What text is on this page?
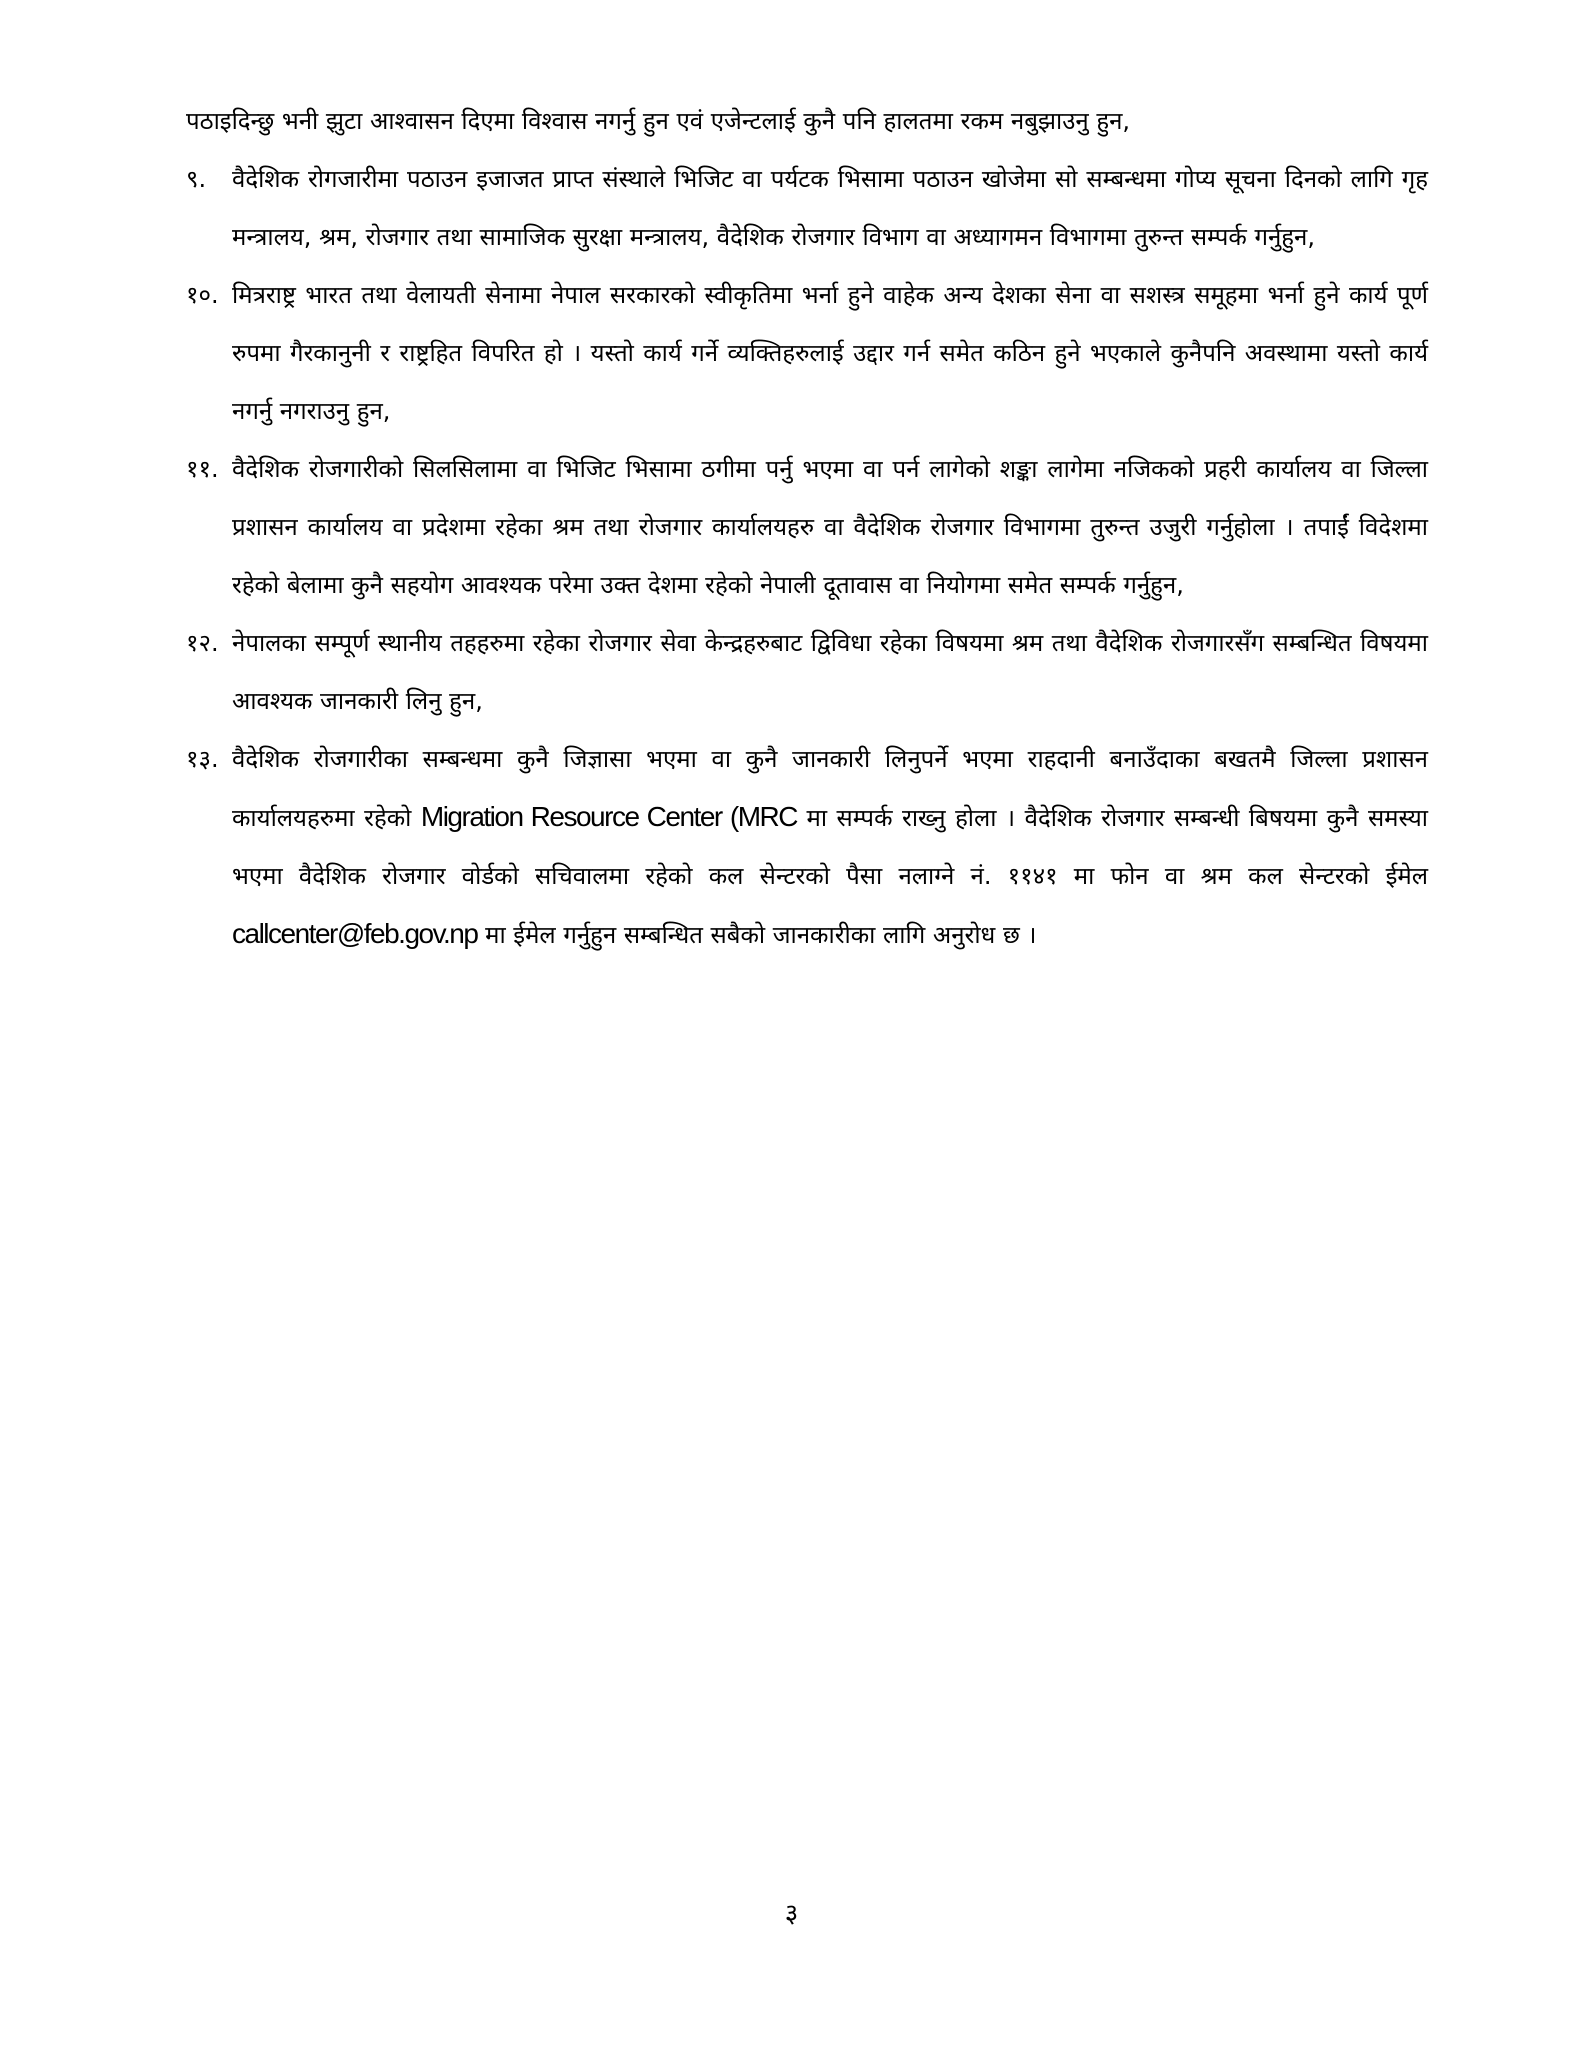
पठाइदिन्छु भनी झुटा आश्वासन दिएमा विश्वास नगर्नु हुन एवं एजेन्टलाई कुनै पनि हालतमा रकम नबुझाउनु हुन,

९. वैदेशिक रोगजारीमा पठाउन इजाजत प्राप्त संस्थाले भिजिट वा पर्यटक भिसामा पठाउन खोजेमा सो सम्बन्धमा गोप्य सूचना दिनको लागि गृह मन्त्रालय, श्रम, रोजगार तथा सामाजिक सुरक्षा मन्त्रालय, वैदेशिक रोजगार विभाग वा अध्यागमन विभागमा तुरुन्त सम्पर्क गर्नुहुन,

१०. मित्रराष्ट्र भारत तथा वेलायती सेनामा नेपाल सरकारको स्वीकृतिमा भर्ना हुने वाहेक अन्य देशका सेना वा सशस्त्र समूहमा भर्ना हुने कार्य पूर्ण रुपमा गैरकानुनी र राष्ट्रहित विपरित हो । यस्तो कार्य गर्ने व्यक्तिहरुलाई उद्दार गर्न समेत कठिन हुने भएकाले कुनैपनि अवस्थामा यस्तो कार्य नगर्नु नगराउनु हुन,

११. वैदेशिक रोजगारीको सिलसिलामा वा भिजिट भिसामा ठगीमा पर्नु भएमा वा पर्न लागेको शङ्का लागेमा नजिकको प्रहरी कार्यालय वा जिल्ला प्रशासन कार्यालय वा प्रदेशमा रहेका श्रम तथा रोजगार कार्यालयहरु वा वैदेशिक रोजगार विभागमा तुरुन्त उजुरी गर्नुहोला । तपाईं विदेशमा रहेको बेलामा कुनै सहयोग आवश्यक परेमा उक्त देशमा रहेको नेपाली दूतावास वा नियोगमा समेत सम्पर्क गर्नुहुन,

१२. नेपालका सम्पूर्ण स्थानीय तहहरुमा रहेका रोजगार सेवा केन्द्रहरुबाट द्विविधा रहेका विषयमा श्रम तथा वैदेशिक रोजगारसँग सम्बन्धित विषयमा आवश्यक जानकारी लिनु हुन,

१३. वैदेशिक रोजगारीका सम्बन्धमा कुनै जिज्ञासा भएमा वा कुनै जानकारी लिनुपर्ने भएमा राहदानी बनाउँदाका बखतमै जिल्ला प्रशासन कार्यालयहरुमा रहेको Migration Resource Center (MRC मा सम्पर्क राख्नु होला । वैदेशिक रोजगार सम्बन्धी बिषयमा कुनै समस्या भएमा वैदेशिक रोजगार वोर्डको सचिवालमा रहेको कल सेन्टरको पैसा नलाग्ने नं. ११४१ मा फोन वा श्रम कल सेन्टरको ईमेल callcenter@feb.gov.np मा ईमेल गर्नुहुन सम्बन्धित सबैको जानकारीका लागि अनुरोध छ ।

३
